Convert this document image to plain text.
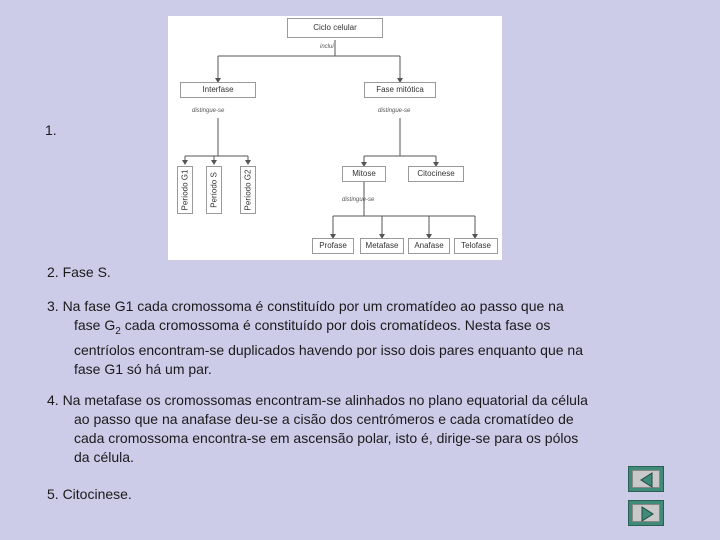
1.
Ciclo celular
inclui
Interfase
distingue-se
Fase mitótica
distingue-se
Período G1	Período S	Período G2	Mitose	Citocinese
distingue-se
Profase	Metafase	Anafase	Telofase
2. Fase S.
3. Na fase G1 cada cromossoma é constituído por um cromatídeo ao passo que na
fase $G_2$ cada cromossoma é constituído por dois cromatídeos. Nesta fase os
centríolos encontram-se duplicados havendo por isso dois pares enquanto que na
fase G1 só há um par.
4. Na metafase os cromossomas encontram-se alinhados no plano equatorial da célula
ao passo que na anafase deu-se a cisão dos centrómeros e cada cromatídeo de
cada cromossoma encontra-se em ascensão polar, isto é, dirige-se para os pólos
da célula.
5. Citocinese.
